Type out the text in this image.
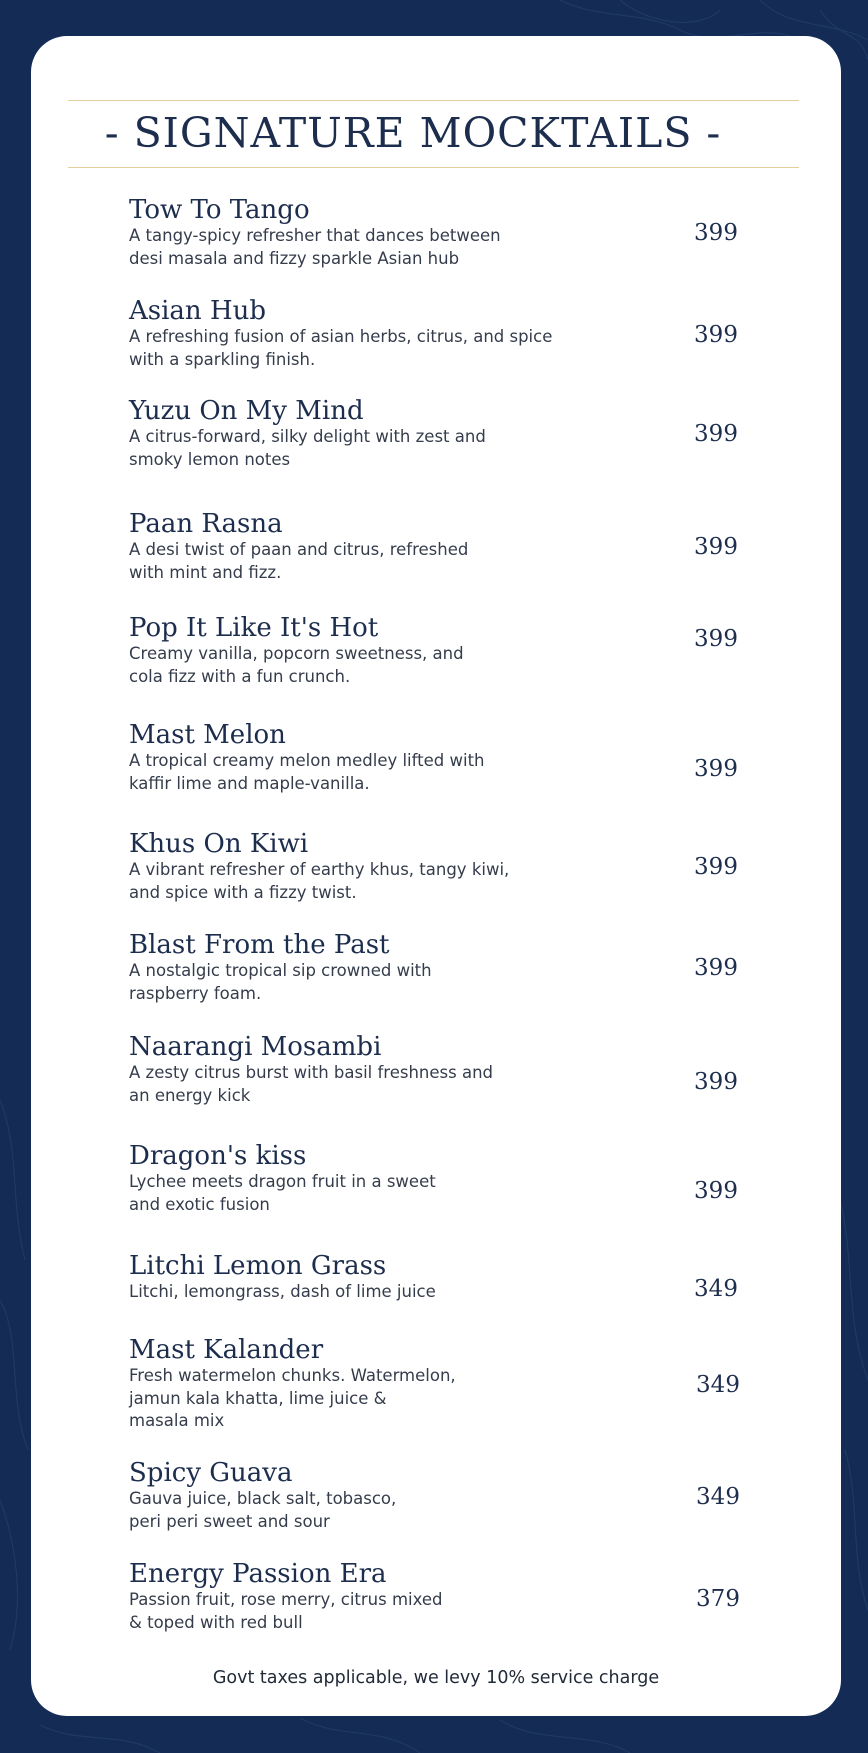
- SIGNATURE MOCKTAILS -
Tow To Tango
A tangy-spicy refresher that dances between
desi masala and fizzy sparkle Asian hub
399
Asian Hub
A refreshing fusion of asian herbs, citrus, and spice
with a sparkling finish.
399
Yuzu On My Mind
A citrus-forward, silky delight with zest and
smoky lemon notes
399
Paan Rasna
A desi twist of paan and citrus, refreshed
with mint and fizz.
399
Pop It Like It's Hot
Creamy vanilla, popcorn sweetness, and
cola fizz with a fun crunch.
399
Mast Melon
A tropical creamy melon medley lifted with
kaffir lime and maple-vanilla.
399
Khus On Kiwi
A vibrant refresher of earthy khus, tangy kiwi,
and spice with a fizzy twist.
399
Blast From the Past
A nostalgic tropical sip crowned with
raspberry foam.
399
Naarangi Mosambi
A zesty citrus burst with basil freshness and
an energy kick	399
Dragon's kiss
Lychee meets dragon fruit in a sweet
and exotic fusion	399
Litchi Lemon Grass
Litchi, lemongrass, dash of lime juice	349
Mast Kalander
Fresh watermelon chunks. Watermelon,
jamun kala khatta, lime juice &
masala mix
349
Spicy Guava
Gauva juice, black salt, tobasco,
peri peri sweet and sour
349
Energy Passion Era
Passion fruit, rose merry, citrus mixed
& toped with red bull
379
Govt taxes applicable, we levy 10% service charge
